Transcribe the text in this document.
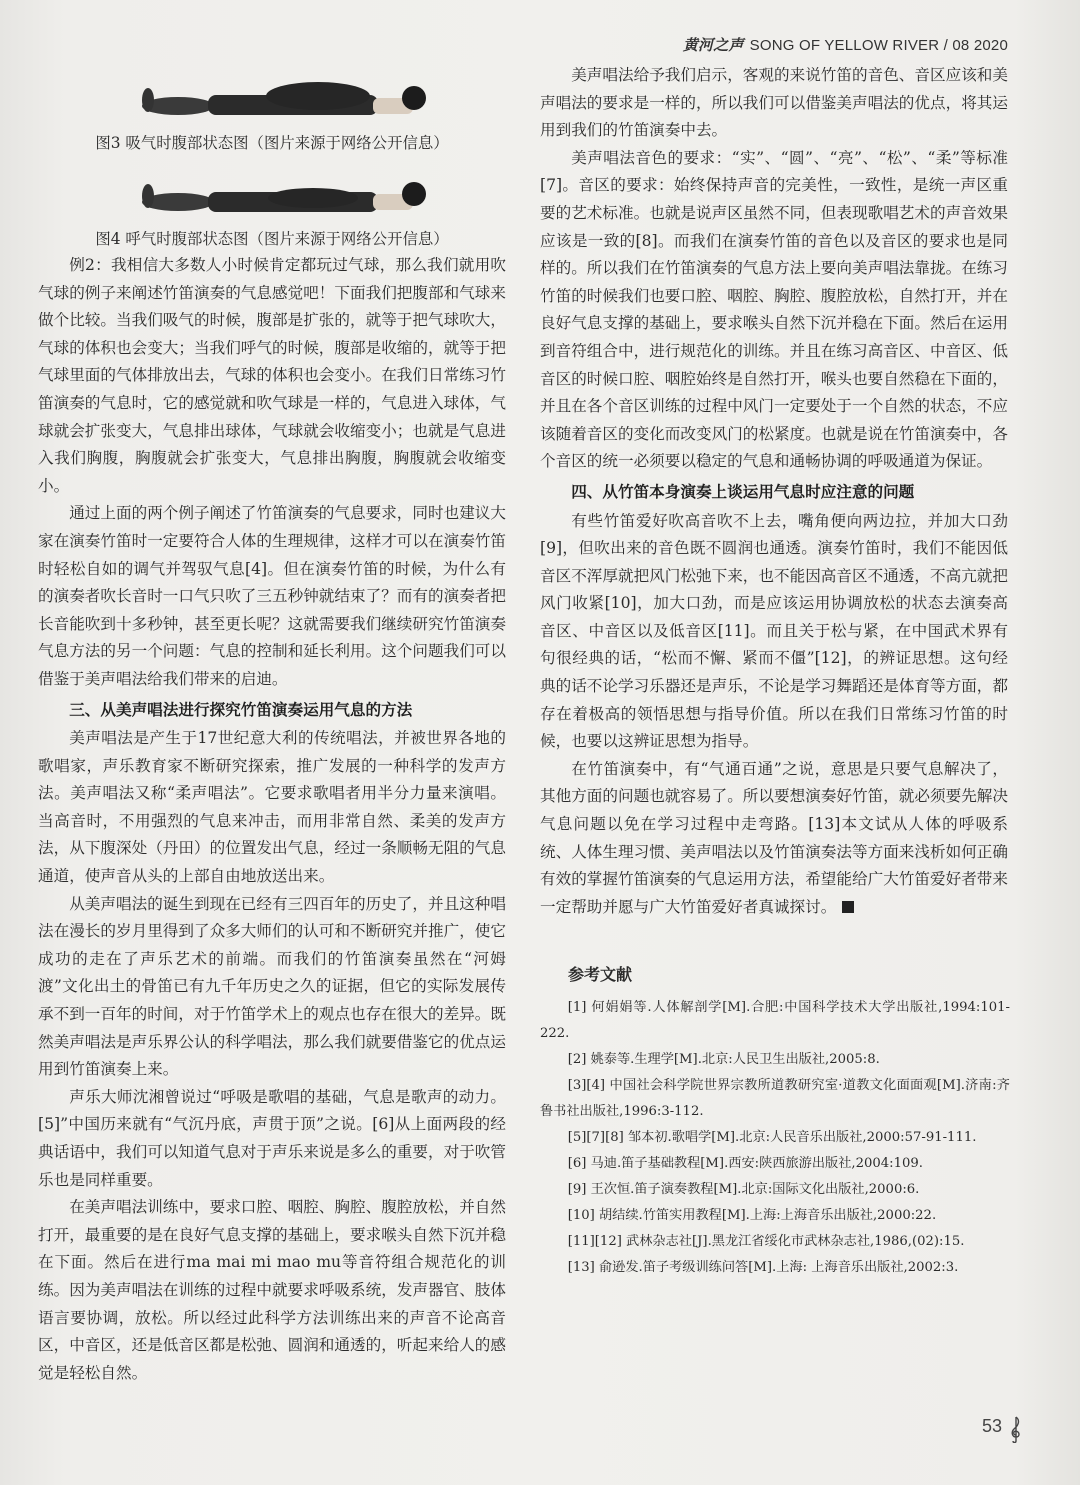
黄河之声 SONG OF YELLOW RIVER / 08 2020

图3 吸气时腹部状态图（图片来源于网络公开信息）

图4 呼气时腹部状态图（图片来源于网络公开信息）

例2：我相信大多数人小时候肯定都玩过气球，那么我们就用吹气球的例子来阐述竹笛演奏的气息感觉吧！下面我们把腹部和气球来做个比较。当我们吸气的时候，腹部是扩张的，就等于把气球吹大，气球的体积也会变大；当我们呼气的时候，腹部是收缩的，就等于把气球里面的气体排放出去，气球的体积也会变小。在我们日常练习竹笛演奏的气息时，它的感觉就和吹气球是一样的，气息进入球体，气球就会扩张变大，气息排出球体，气球就会收缩变小；也就是气息进入我们胸腹，胸腹就会扩张变大，气息排出胸腹，胸腹就会收缩变小。

通过上面的两个例子阐述了竹笛演奏的气息要求，同时也建议大家在演奏竹笛时一定要符合人体的生理规律，这样才可以在演奏竹笛时轻松自如的调气并驾驭气息[4]。但在演奏竹笛的时候，为什么有的演奏者吹长音时一口气只吹了三五秒钟就结束了？而有的演奏者把长音能吹到十多秒钟，甚至更长呢？这就需要我们继续研究竹笛演奏气息方法的另一个问题：气息的控制和延长利用。这个问题我们可以借鉴于美声唱法给我们带来的启迪。

三、从美声唱法进行探究竹笛演奏运用气息的方法

美声唱法是产生于17世纪意大利的传统唱法，并被世界各地的歌唱家，声乐教育家不断研究探索，推广发展的一种科学的发声方法。美声唱法又称“柔声唱法”。它要求歌唱者用半分力量来演唱。当高音时，不用强烈的气息来冲击，而用非常自然、柔美的发声方法，从下腹深处（丹田）的位置发出气息，经过一条顺畅无阻的气息通道，使声音从头的上部自由地放送出来。

从美声唱法的诞生到现在已经有三四百年的历史了，并且这种唱法在漫长的岁月里得到了众多大师们的认可和不断研究并推广，使它成功的走在了声乐艺术的前端。而我们的竹笛演奏虽然在“河姆渡”文化出土的骨笛已有九千年历史之久的证据，但它的实际发展传承不到一百年的时间，对于竹笛学术上的观点也存在很大的差异。既然美声唱法是声乐界公认的科学唱法，那么我们就要借鉴它的优点运用到竹笛演奏上来。

声乐大师沈湘曾说过“呼吸是歌唱的基础，气息是歌声的动力。[5]”中国历来就有“气沉丹底，声贯于顶”之说。[6]从上面两段的经典话语中，我们可以知道气息对于声乐来说是多么的重要，对于吹管乐也是同样重要。

在美声唱法训练中，要求口腔、咽腔、胸腔、腹腔放松，并自然打开，最重要的是在良好气息支撑的基础上，要求喉头自然下沉并稳在下面。然后在进行ma mai mi mao mu等音符组合规范化的训练。因为美声唱法在训练的过程中就要求呼吸系统，发声器官、肢体语言要协调，放松。所以经过此科学方法训练出来的声音不论高音区，中音区，还是低音区都是松弛、圆润和通透的，听起来给人的感觉是轻松自然。

美声唱法给予我们启示，客观的来说竹笛的音色、音区应该和美声唱法的要求是一样的，所以我们可以借鉴美声唱法的优点，将其运用到我们的竹笛演奏中去。

美声唱法音色的要求：“实”、“圆”、“亮”、“松”、“柔”等标准[7]。音区的要求：始终保持声音的完美性，一致性，是统一声区重要的艺术标准。也就是说声区虽然不同，但表现歌唱艺术的声音效果应该是一致的[8]。而我们在演奏竹笛的音色以及音区的要求也是同样的。所以我们在竹笛演奏的气息方法上要向美声唱法靠拢。在练习竹笛的时候我们也要口腔、咽腔、胸腔、腹腔放松，自然打开，并在良好气息支撑的基础上，要求喉头自然下沉并稳在下面。然后在运用到音符组合中，进行规范化的训练。并且在练习高音区、中音区、低音区的时候口腔、咽腔始终是自然打开，喉头也要自然稳在下面的，并且在各个音区训练的过程中风门一定要处于一个自然的状态，不应该随着音区的变化而改变风门的松紧度。也就是说在竹笛演奏中，各个音区的统一必须要以稳定的气息和通畅协调的呼吸通道为保证。

四、从竹笛本身演奏上谈运用气息时应注意的问题

有些竹笛爱好吹高音吹不上去，嘴角便向两边拉，并加大口劲[9]，但吹出来的音色既不圆润也通透。演奏竹笛时，我们不能因低音区不浑厚就把风门松弛下来，也不能因高音区不通透，不高亢就把风门收紧[10]，加大口劲，而是应该运用协调放松的状态去演奏高音区、中音区以及低音区[11]。而且关于松与紧，在中国武术界有句很经典的话，“松而不懈、紧而不僵”[12]，的辨证思想。这句经典的话不论学习乐器还是声乐，不论是学习舞蹈还是体育等方面，都存在着极高的领悟思想与指导价值。所以在我们日常练习竹笛的时候，也要以这辨证思想为指导。

在竹笛演奏中，有“气通百通”之说，意思是只要气息解决了，其他方面的问题也就容易了。所以要想演奏好竹笛，就必须要先解决气息问题以免在学习过程中走弯路。[13]本文试从人体的呼吸系统、人体生理习惯、美声唱法以及竹笛演奏法等方面来浅析如何正确有效的掌握竹笛演奏的气息运用方法，希望能给广大竹笛爱好者带来一定帮助并愿与广大竹笛爱好者真诚探讨。

参考文献

[1] 何娟娟等.人体解剖学[M].合肥:中国科学技术大学出版社,1994:101-222.

[2] 姚泰等.生理学[M].北京:人民卫生出版社,2005:8.

[3][4] 中国社会科学院世界宗教所道教研究室·道教文化面面观[M].济南:齐鲁书社出版社,1996:3-112.

[5][7][8] 邹本初.歌唱学[M].北京:人民音乐出版社,2000:57-91-111.

[6] 马迪.笛子基础教程[M].西安:陕西旅游出版社,2004:109.

[9] 王次恒.笛子演奏教程[M].北京:国际文化出版社,2000:6.

[10] 胡结续.竹笛实用教程[M].上海:上海音乐出版社,2000:22.

[11][12] 武林杂志社[J].黑龙江省绥化市武林杂志社,1986,(02):15.

[13] 俞逊发.笛子考级训练问答[M].上海: 上海音乐出版社,2002:3.

53
